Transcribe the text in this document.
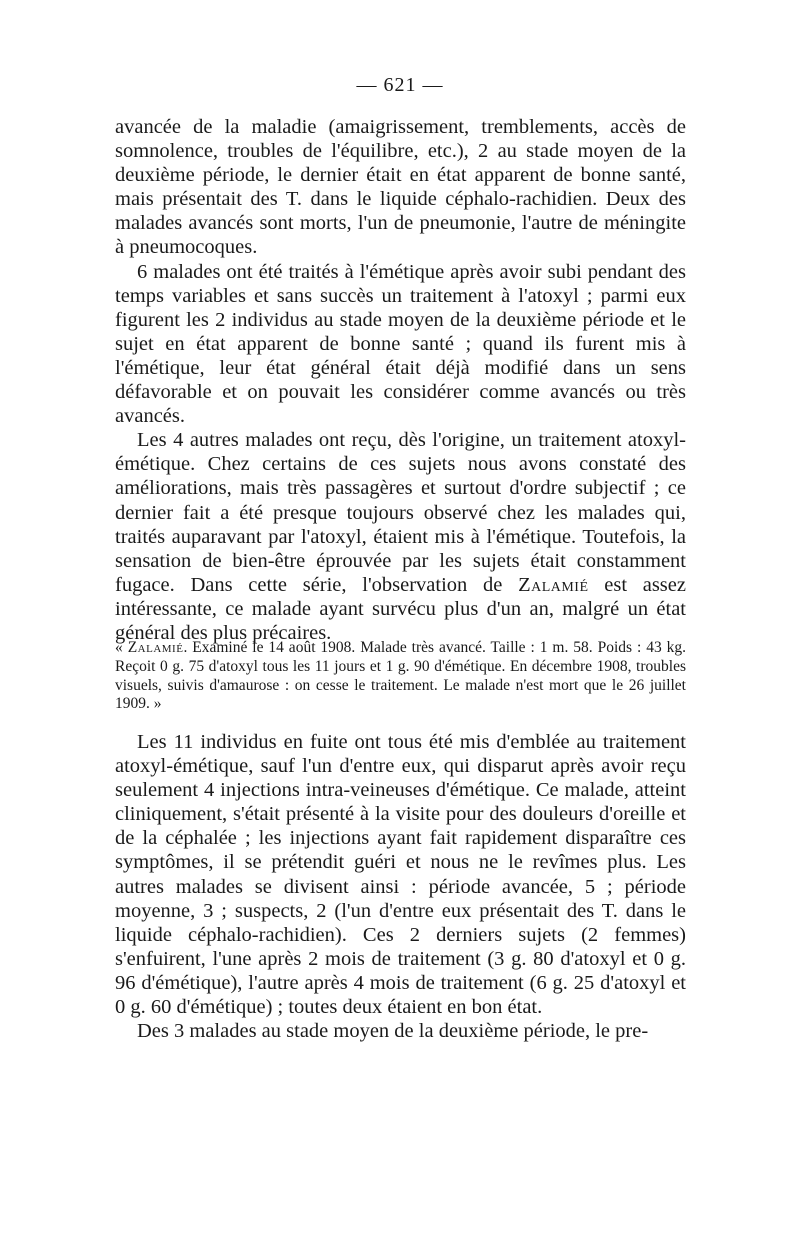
— 621 —

avancée de la maladie (amaigrissement, tremblements, accès de somnolence, troubles de l'équilibre, etc.), 2 au stade moyen de la deuxième période, le dernier était en état apparent de bonne santé, mais présentait des T. dans le liquide céphalo-rachidien. Deux des malades avancés sont morts, l'un de pneumonie, l'autre de méningite à pneumocoques.

6 malades ont été traités à l'émétique après avoir subi pendant des temps variables et sans succès un traitement à l'atoxyl ; parmi eux figurent les 2 individus au stade moyen de la deuxième période et le sujet en état apparent de bonne santé ; quand ils furent mis à l'émétique, leur état général était déjà modifié dans un sens défavorable et on pouvait les considérer comme avancés ou très avancés.

Les 4 autres malades ont reçu, dès l'origine, un traitement atoxyl-émétique. Chez certains de ces sujets nous avons constaté des améliorations, mais très passagères et surtout d'ordre subjectif ; ce dernier fait a été presque toujours observé chez les malades qui, traités auparavant par l'atoxyl, étaient mis à l'émétique. Toutefois, la sensation de bien-être éprouvée par les sujets était constamment fugace. Dans cette série, l'observation de Zalamié est assez intéressante, ce malade ayant survécu plus d'un an, malgré un état général des plus précaires.

« Zalamié. Examiné le 14 août 1908. Malade très avancé. Taille : 1 m. 58. Poids : 43 kg. Reçoit 0 g. 75 d'atoxyl tous les 11 jours et 1 g. 90 d'émétique. En décembre 1908, troubles visuels, suivis d'amaurose : on cesse le traitement. Le malade n'est mort que le 26 juillet 1909. »

Les 11 individus en fuite ont tous été mis d'emblée au traitement atoxyl-émétique, sauf l'un d'entre eux, qui disparut après avoir reçu seulement 4 injections intra-veineuses d'émétique. Ce malade, atteint cliniquement, s'était présenté à la visite pour des douleurs d'oreille et de la céphalée ; les injections ayant fait rapidement disparaître ces symptômes, il se prétendit guéri et nous ne le revîmes plus. Les autres malades se divisent ainsi : période avancée, 5 ; période moyenne, 3 ; suspects, 2 (l'un d'entre eux présentait des T. dans le liquide céphalo-rachidien). Ces 2 derniers sujets (2 femmes) s'enfuirent, l'une après 2 mois de traitement (3 g. 80 d'atoxyl et 0 g. 96 d'émétique), l'autre après 4 mois de traitement (6 g. 25 d'atoxyl et 0 g. 60 d'émétique) ; toutes deux étaient en bon état.

Des 3 malades au stade moyen de la deuxième période, le pre-
